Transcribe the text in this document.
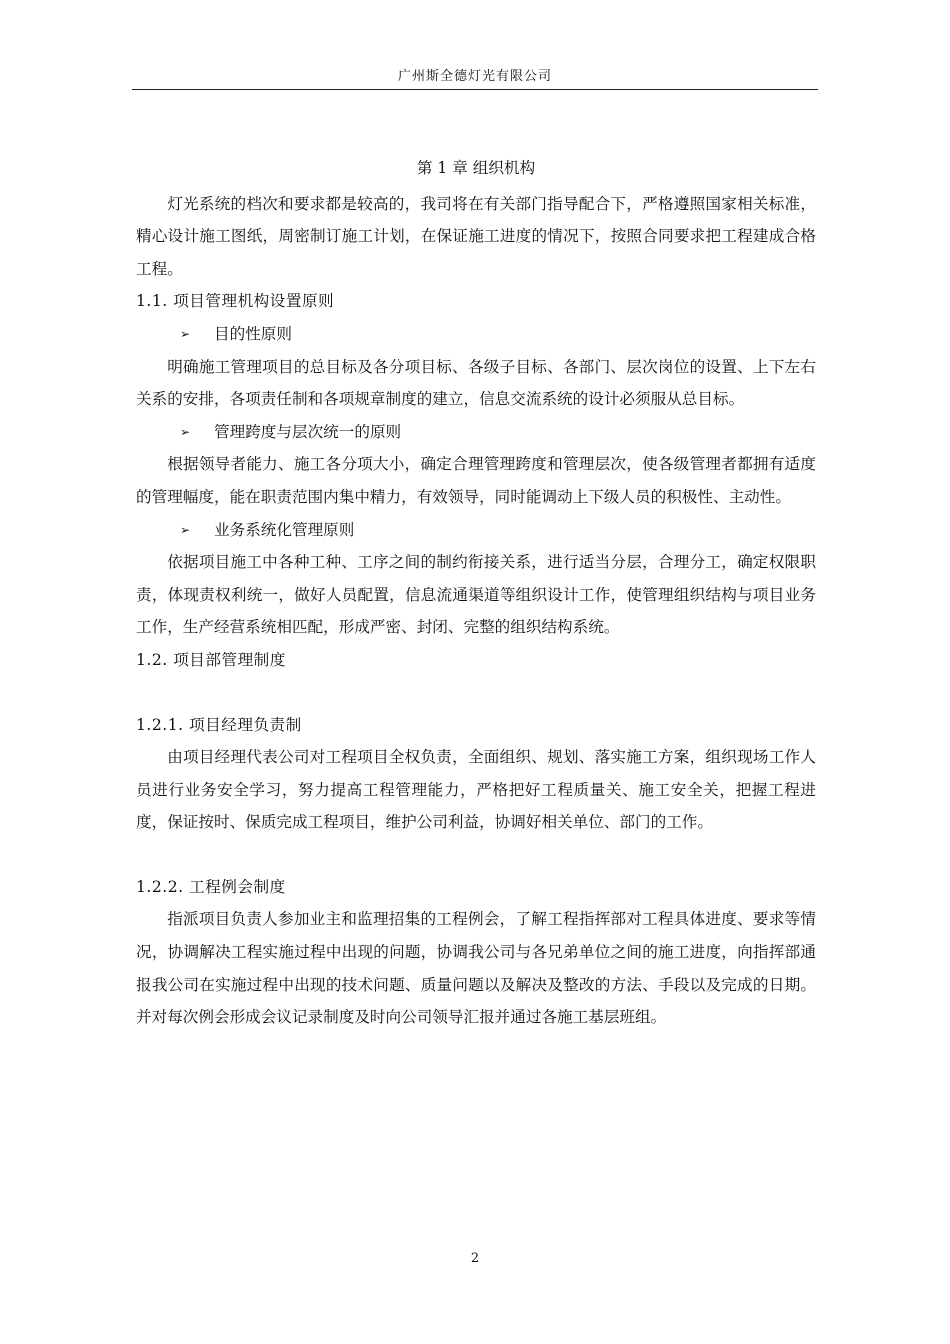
广州斯全德灯光有限公司

第 1 章 组织机构

灯光系统的档次和要求都是较高的，我司将在有关部门指导配合下，严格遵照国家相关标准，精心设计施工图纸，周密制订施工计划，在保证施工进度的情况下，按照合同要求把工程建成合格工程。

1.1. 项目管理机构设置原则

➢	目的性原则

明确施工管理项目的总目标及各分项目标、各级子目标、各部门、层次岗位的设置、上下左右关系的安排，各项责任制和各项规章制度的建立，信息交流系统的设计必须服从总目标。

➢	管理跨度与层次统一的原则

根据领导者能力、施工各分项大小，确定合理管理跨度和管理层次，使各级管理者都拥有适度的管理幅度，能在职责范围内集中精力，有效领导，同时能调动上下级人员的积极性、主动性。

➢	业务系统化管理原则

依据项目施工中各种工种、工序之间的制约衔接关系，进行适当分层，合理分工，确定权限职责，体现责权利统一，做好人员配置，信息流通渠道等组织设计工作，使管理组织结构与项目业务工作，生产经营系统相匹配，形成严密、封闭、完整的组织结构系统。

1.2. 项目部管理制度

1.2.1. 项目经理负责制

由项目经理代表公司对工程项目全权负责，全面组织、规划、落实施工方案，组织现场工作人员进行业务安全学习，努力提高工程管理能力，严格把好工程质量关、施工安全关，把握工程进度，保证按时、保质完成工程项目，维护公司利益，协调好相关单位、部门的工作。

1.2.2. 工程例会制度

指派项目负责人参加业主和监理招集的工程例会，了解工程指挥部对工程具体进度、要求等情况，协调解决工程实施过程中出现的问题，协调我公司与各兄弟单位之间的施工进度，向指挥部通报我公司在实施过程中出现的技术问题、质量问题以及解决及整改的方法、手段以及完成的日期。并对每次例会形成会议记录制度及时向公司领导汇报并通过各施工基层班组。

2
